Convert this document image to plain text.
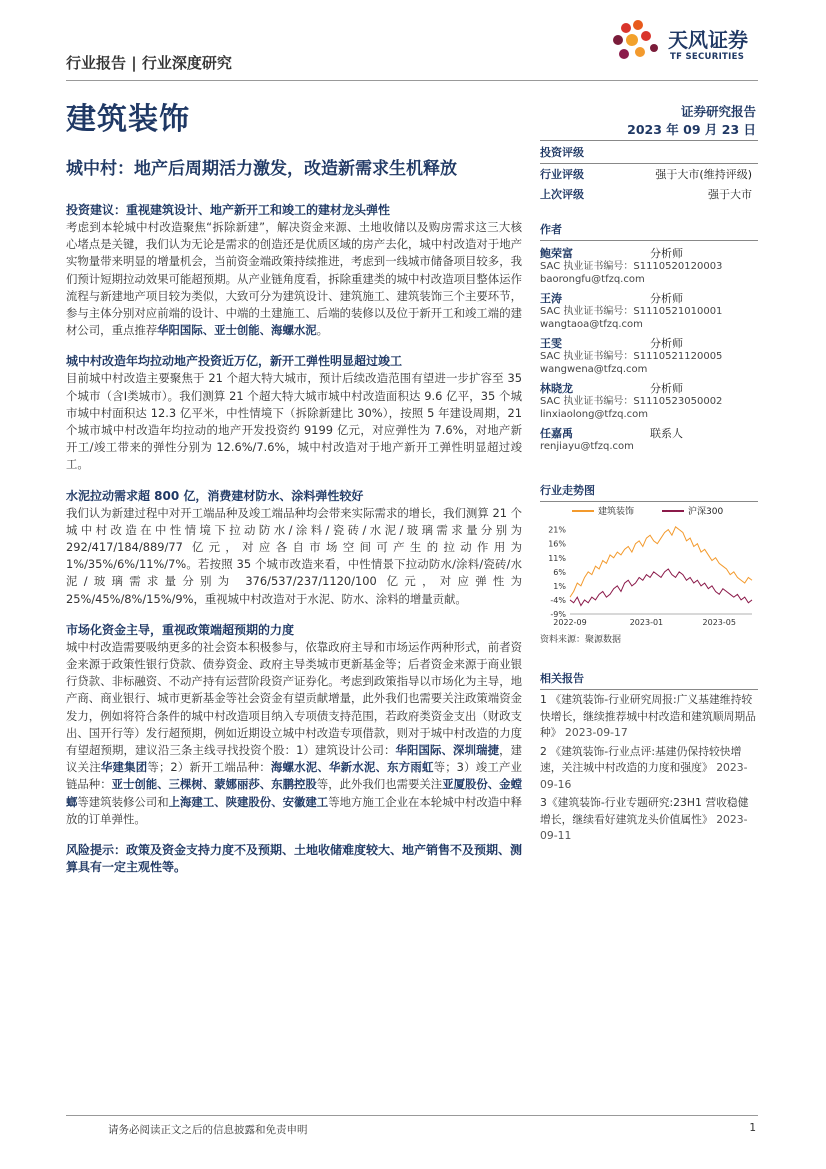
行业报告 | 行业深度研究
建筑装饰
天风证券
TF SECURITIES
证券研究报告
2023 年 09 月 23 日
城中村：地产后周期活力激发，改造新需求生机释放
投资建议：重视建筑设计、地产新开工和竣工的建材龙头弹性

考虑到本轮城中村改造聚焦“拆除新建”，解决资金来源、土地收储以及购房需求这三大核心堵点是关键，我们认为无论是需求的创造还是优质区域的房产去化，城中村改造对于地产实物量带来明显的增量机会，当前资金端政策持续推进，考虑到一线城市储备项目较多，我们预计短期拉动效果可能超预期。从产业链角度看，拆除重建类的城中村改造项目整体运作流程与新建地产项目较为类似，大致可分为建筑设计、建筑施工、建筑装饰三个主要环节，参与主体分别对应前端的设计、中端的土建施工、后端的装修以及位于新开工和竣工端的建材公司，重点推荐华阳国际、亚士创能、海螺水泥。

城中村改造年均拉动地产投资近万亿，新开工弹性明显超过竣工

目前城中村改造主要聚焦于 21 个超大特大城市，预计后续改造范围有望进一步扩容至 35 个城市（含Ⅰ类城市）。我们测算 21 个超大特大城市城中村改造面积达 9.6 亿平，35 个城市城中村面积达 12.3 亿平米，中性情境下（拆除新建比 30%），按照 5 年建设周期，21 个城市城中村改造年均拉动的地产开发投资约 9199 亿元，对应弹性为 7.6%，对地产新开工/竣工带来的弹性分别为 12.6%/7.6%，城中村改造对于地产新开工弹性明显超过竣工。

水泥拉动需求超 800 亿，消费建材防水、涂料弹性较好

我们认为新建过程中对开工端品种及竣工端品种均会带来实际需求的增长，我们测算 21 个城中村改造在中性情境下拉动防水/涂料/瓷砖/水泥/玻璃需求量分别为 292/417/184/889/77 亿元，对应各自市场空间可产生的拉动作用为 1%/35%/6%/11%/7%。若按照 35 个城市改造来看，中性情景下拉动防水/涂料/瓷砖/水泥/玻璃需求量分别为 376/537/237/1120/100 亿元，对应弹性为 25%/45%/8%/15%/9%，重视城中村改造对于水泥、防水、涂料的增量贡献。

市场化资金主导，重视政策端超预期的力度

城中村改造需要吸纳更多的社会资本积极参与，依靠政府主导和市场运作两种形式，前者资金来源于政策性银行贷款、债券资金、政府主导类城市更新基金等；后者资金来源于商业银行贷款、非标融资、不动产持有运营阶段资产证券化。考虑到政策指导以市场化为主导，地产商、商业银行、城市更新基金等社会资金有望贡献增量，此外我们也需要关注政策端资金发力，例如将符合条件的城中村改造项目纳入专项债支持范围，若政府类资金支出（财政支出、国开行等）发行超预期，例如近期设立城中村改造专项借款，则对于城中村改造的力度有望超预期，建议沿三条主线寻找投资个股：1）建筑设计公司：华阳国际、深圳瑞捷，建议关注华建集团等；2）新开工端品种：海螺水泥、华新水泥、东方雨虹等；3）竣工产业链品种：亚士创能、三棵树、蒙娜丽莎、东鹏控股等，此外我们也需要关注亚厦股份、金螳螂等建筑装修公司和上海建工、陕建股份、安徽建工等地方施工企业在本轮城中村改造中释放的订单弹性。

风险提示：政策及资金支持力度不及预期、土地收储难度较大、地产销售不及预期、测算具有一定主观性等。
投资评级
行业评级	强于大市(维持评级)
上次评级	强于大市
作者
鲍荣富	分析师
SAC 执业证书编号：S1110520120003
baorongfu@tfzq.com
王涛	分析师
SAC 执业证书编号：S1110521010001
wangtaoa@tfzq.com
王雯	分析师
SAC 执业证书编号：S1110521120005
wangwena@tfzq.com
林晓龙	分析师
SAC 执业证书编号：S1110523050002
linxiaolong@tfzq.com
任嘉禹	联系人
renjiayu@tfzq.com
行业走势图
建筑装饰	沪深300
21%
16%
11%
6%
1%
-4%
-9%
2022-09	2023-01	2023-05
资料来源：聚源数据
相关报告
1 《建筑装饰-行业研究周报:广义基建维持较快增长，继续推荐城中村改造和建筑顺周期品种》 2023-09-17
2 《建筑装饰-行业点评:基建仍保持较快增速，关注城中村改造的力度和强度》 2023-09-16
3《建筑装饰-行业专题研究:23H1 营收稳健增长，继续看好建筑龙头价值属性》 2023-09-11
请务必阅读正文之后的信息披露和免责申明	1
